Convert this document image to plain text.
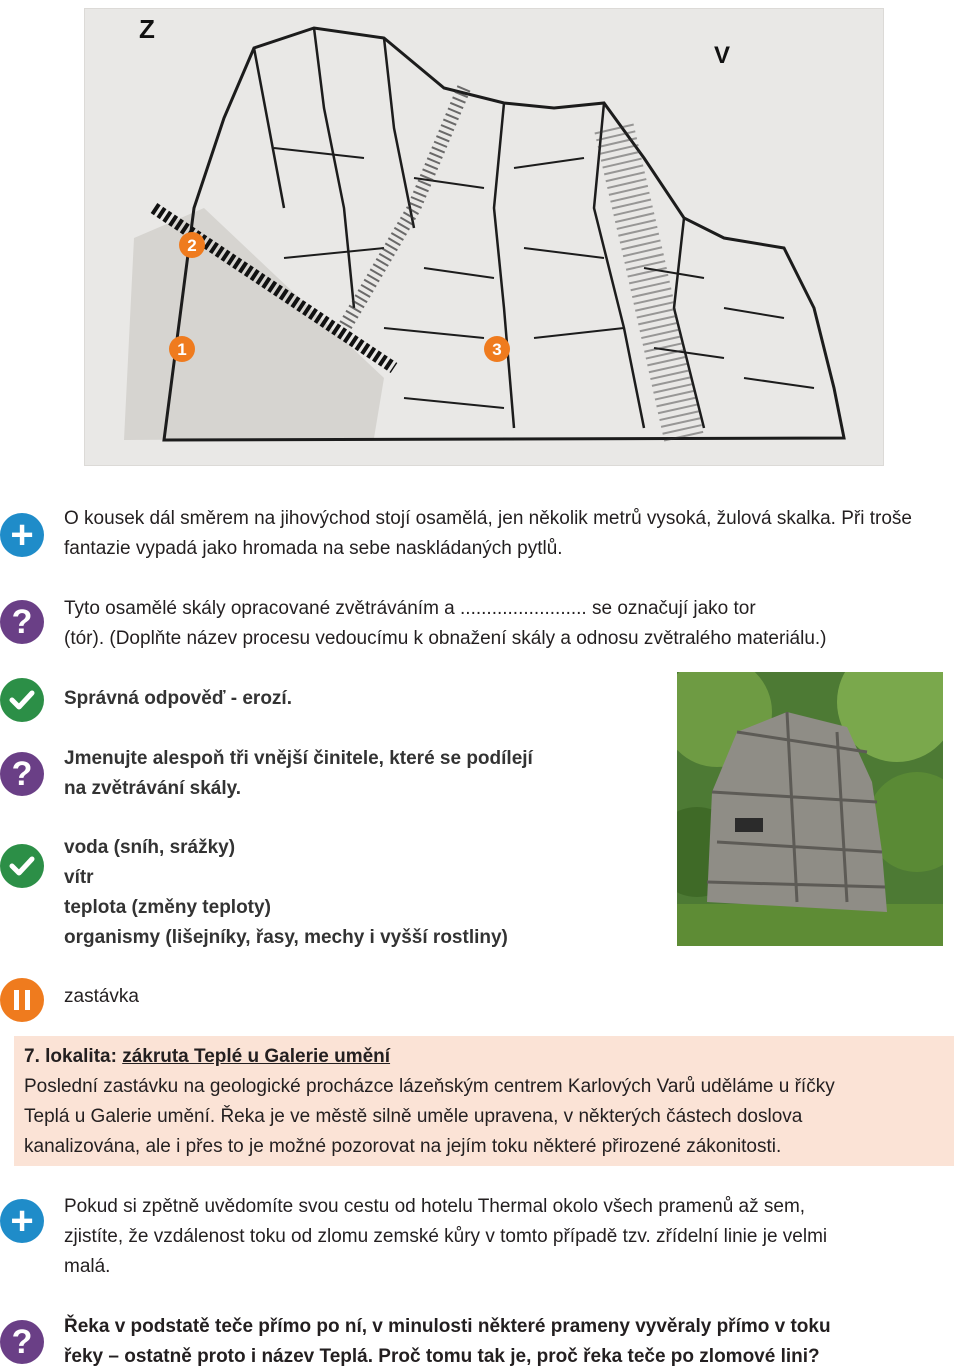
Z
V
2
1	3
+	O kousek dál směrem na jihovýchod stojí osamělá, jen několik metrů vysoká, žulová skalka. Při troše fantazie vypadá jako hromada na sebe naskládaných pytlů.

?	Tyto osamělé skály opracované zvětráváním a ........................ se označují jako tor
(tór). (Doplňte název procesu vedoucímu k obnažení skály a odnosu zvětralého materiálu.)

Správná odpověď - erozí.

?	Jmenujte alespoň tři vnější činitele, které se podílejí
na zvětrávání skály.

voda (sníh, srážky)
vítr
teplota (změny teploty)
organismy (lišejníky, řasy, mechy i vyšší rostliny)

zastávka

7. lokalita: zákruta Teplé u Galerie umění

Poslední zastávku na geologické procházce lázeňským centrem Karlových Varů uděláme u říčky

Teplá u Galerie umění. Řeka je ve městě silně uměle upravena, v některých částech doslova

kanalizována, ale i přes to je možné pozorovat na jejím toku některé přirozené zákonitosti.

+	Pokud si zpětně uvědomíte svou cestu od hotelu Thermal okolo všech pramenů až sem,
zjistíte, že vzdálenost toku od zlomu zemské kůry v tomto případě tzv. zřídelní linie je velmi
malá.
?	Řeka v podstatě teče přímo po ní, v minulosti některé prameny vyvěraly přímo v toku
řeky – ostatně proto i název Teplá. Proč tomu tak je, proč řeka teče po zlomové lini?
